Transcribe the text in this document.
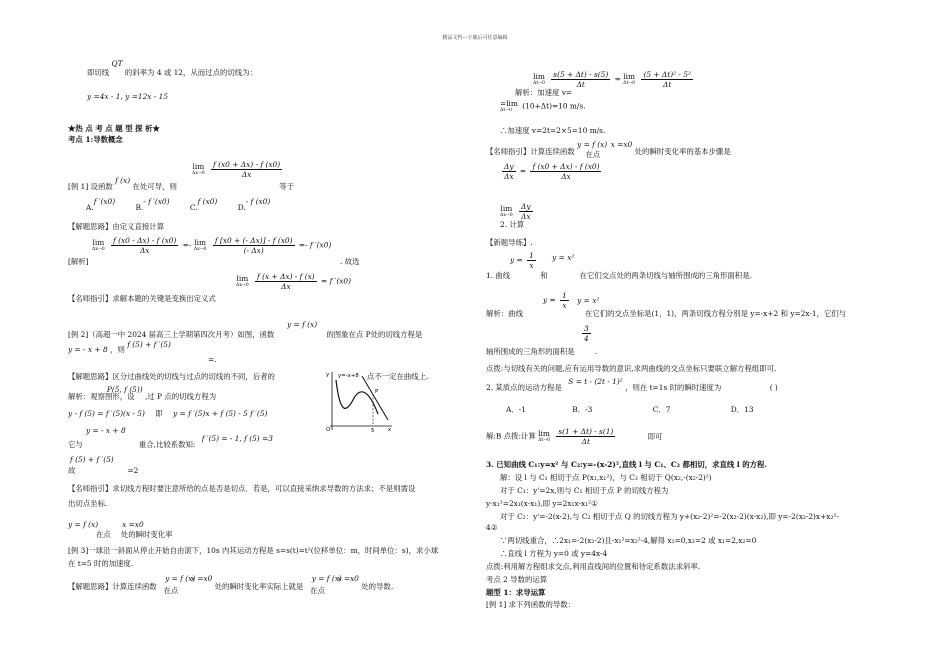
精品文档---下载后可任意编辑
即切线 QT 的斜率为 4 或 12，从而过点的切线为：
y =4x - 1, y =12x - 15
★热 点 考 点 题 型 探 析★
考点 1:导数概念
lim
Δx→0
$\frac{f (x0 + \Delta x) - f (x0)}{\Delta x}$
[例 1] 设函数 f (x) 在处可导，则	等于
A.f ′(x0) B.- f ′(x0) C.f (x0) D.- f (x0)
【解题思路】由定义直接计算
lim
Δx→0
$\frac{f (x0 - \Delta x) - f (x0)}{\Delta x} =- \lim$
Δx→0
$\frac{f [x0 + (- \Delta x)] - f (x0)}{(- \Delta x)} =- f$ ′(x0)
[解析]	. 故选
lim
Δx→0
$\frac{f (x + \Delta x) - f (x)}{\Delta x} = f$ ′(x0)
【名师指引】求解本题的关键是变换出定义式
y = f (x)
[例 2]（高超一中 2024 届高三上学期第四次月考）如图，函数	的图象在点 P处的切线方程是
y = - x + 8 ，则 f (5) + f ′(5)
=.
【解题思路】区分过曲线处的切线与过点的切线的不同，后者的	点不一定在曲线上.
解析：观察图形，设 P(5, f (5)) ,过 P 点的切线方程为
y - f (5) = f ′(5)(x - 5) 即 y = f ′(5)x + f (5) - 5 f ′(5)
y = - x + 8
它与	重合,比较系数知: f ′(5) = - 1, f (5) =3
f (5) + f ′(5)
故	=2
【名师指引】求切线方程时要注意所给的点是否是切点．若是，可以直接采纳求导数的方法求；不是则需设
出切点坐标.
y = f (x)	x =x0
在点 处的瞬时变化率
[例 3]一球沿一斜面从停止开始自由滚下，10s 内其运动方程是 s=s(t)=t²(位移单位：m，时间单位：s)，求小球
在 t=5 时的加速度.
【解题思路】计算连续函数 y = f (x) 在点 x =x0 处的瞬时变化率实际上就是 y = f (x) 在点 x =x0 处的导数.
y=-x+8
P
O	5	x
y
lim
Δt→0
$\frac{s(5 + \Delta t) - s(5)}{\Delta t} = \lim$
Δt→0
$\frac{\text{(5 + Δt)² - 5²}}{\Delta t}$
解析：加速度 v=
=lim
Δt→0	(10+Δt)=10 m/s.
∴加速度 v=2t=2×5=10 m/s.
【名师指引】计算连续函数 y = f (x) 在点 x =x0 处的瞬时变化率的基本步骤是
$\frac{\Delta y}{\Delta x} = \frac{f (x0 + \Delta x) - f (x0)}{\Delta x}$
lim
Δx→0
$\frac{\Delta y}{\Delta x}$
2. 计算
【新题导练】.
$y = \frac{1}{x}$ y = x²
1. 曲线	和	在它们交点处的两条切线与轴所围成的三角形面积是.
$y = \frac{1}{x}$ y = x²
解析：曲线	在它们的交点坐标是(1，1)，两条切线方程分别是 y=-x+2 和 y=2x-1，它们与
$\frac{3}{4}$
轴所围成的三角形的面积是	.
点拨:与切线有关的问题,应有运用导数的意识,求两曲线的交点坐标只要联立解方程组即可.
2. 某质点的运动方程是 S = t - (2t - 1)² ，则在 t=1s 时的瞬时速度为	( )
A．-1	B．-3	C．7	D．13
解:B 点拨:计算 lim
Δt→0
$\frac{s(1 + \Delta t) - s(1)}{\Delta t}$	即可
3. 已知曲线 C₁:y=x² 与 C₂:y=-(x-2)²,直线 l 与 C₁、C₂ 都相切，求直线 l 的方程.
解：设 l 与 C₁ 相切于点 P(x₁,x₁²)，与 C₂ 相切于 Q(x₂,-(x₂-2)²)
对于 C₁：y'=2x,则与 C₁ 相切于点 P 的切线方程为
y-x₁²=2x₁(x-x₁),即 y=2x₁x-x₁²①
对于 C₂：y'=-2(x-2),与 C₂ 相切于点 Q 的切线方程为 y+(x₂-2)²=-2(x₂-2)(x-x₂),即 y=-2(x₂-2)x+x₂²-
4②
∵两切线重合，∴2x₁=-2(x₂-2)且-x₁²=x₂²-4,解得 x₁=0,x₂=2 或 x₁=2,x₂=0
∴直线 l 方程为 y=0 或 y=4x-4
点拨:利用解方程组求交点,利用直线间的位置和待定系数法求斜率.
考点 2 导数的运算
题型 1：求导运算
[例 1] 求下列函数的导数：
